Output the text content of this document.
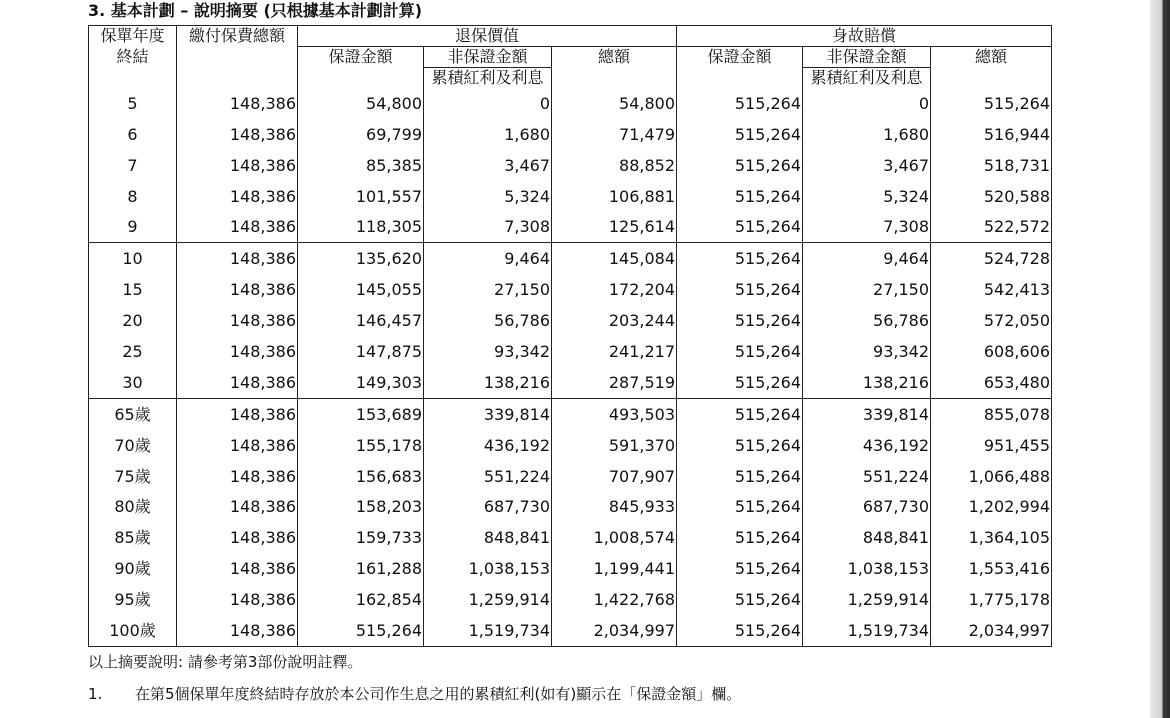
3. 基本計劃 – 說明摘要 (只根據基本計劃計算)
保單年度	繳付保費總額	退保價值			身故賠償		
終結		保證金額	非保證金額	總額	保證金額	非保證金額	總額
			累積紅利及利息			累積紅利及利息	
5	148,386	54,800	0	54,800	515,264	0	515,264
6	148,386	69,799	1,680	71,479	515,264	1,680	516,944
7	148,386	85,385	3,467	88,852	515,264	3,467	518,731
8	148,386	101,557	5,324	106,881	515,264	5,324	520,588
9	148,386	118,305	7,308	125,614	515,264	7,308	522,572
10	148,386	135,620	9,464	145,084	515,264	9,464	524,728
15	148,386	145,055	27,150	172,204	515,264	27,150	542,413
20	148,386	146,457	56,786	203,244	515,264	56,786	572,050
25	148,386	147,875	93,342	241,217	515,264	93,342	608,606
30	148,386	149,303	138,216	287,519	515,264	138,216	653,480
65歲	148,386	153,689	339,814	493,503	515,264	339,814	855,078
70歲	148,386	155,178	436,192	591,370	515,264	436,192	951,455
75歲	148,386	156,683	551,224	707,907	515,264	551,224	1,066,488
80歲	148,386	158,203	687,730	845,933	515,264	687,730	1,202,994
85歲	148,386	159,733	848,841	1,008,574	515,264	848,841	1,364,105
90歲	148,386	161,288	1,038,153	1,199,441	515,264	1,038,153	1,553,416
95歲	148,386	162,854	1,259,914	1,422,768	515,264	1,259,914	1,775,178
100歲	148,386	515,264	1,519,734	2,034,997	515,264	1,519,734	2,034,997
以上摘要說明: 請參考第3部份說明註釋。
1. 在第5個保單年度終結時存放於本公司作生息之用的累積紅利(如有)顯示在「保證金額」欄。
